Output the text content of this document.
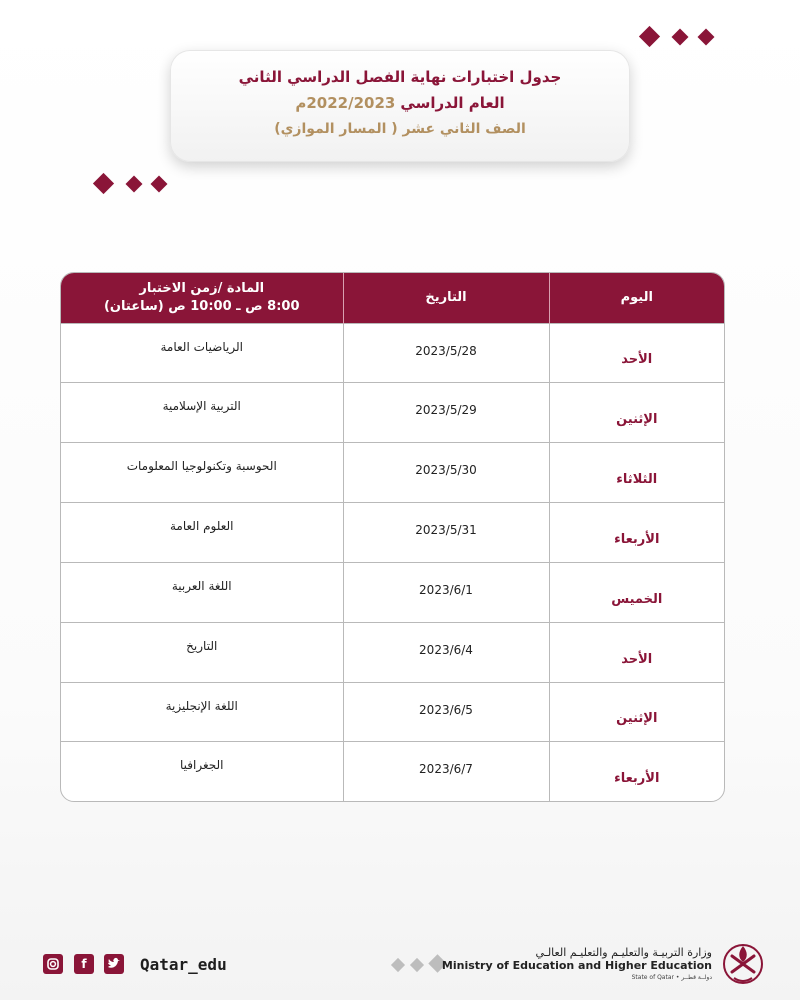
جدول اختبارات نهاية الفصل الدراسي الثاني
العام الدراسي 2022/2023م
الصف الثاني عشر ( المسار الموازي)
المادة /زمن الاختبار
8:00 ص ـ 10:00 ص (ساعتان)	التاريخ	اليوم
الرياضيات العامة	2023/5/28	الأحد
التربية الإسلامية	2023/5/29	الإثنين
الحوسبة وتكنولوجيا المعلومات	2023/5/30	الثلاثاء
العلوم العامة	2023/5/31	الأربعاء
اللغة العربية	2023/6/1	الخميس
التاريخ	2023/6/4	الأحد
اللغة الإنجليزية	2023/6/5	الإثنين
الجغرافيا	2023/6/7	الأربعاء
f	Qatar_edu
وزارة التربيـة والتعليـم والتعليـم العالـي
Ministry of Education and Higher Education
State of Qatar • دولــة قطــر
